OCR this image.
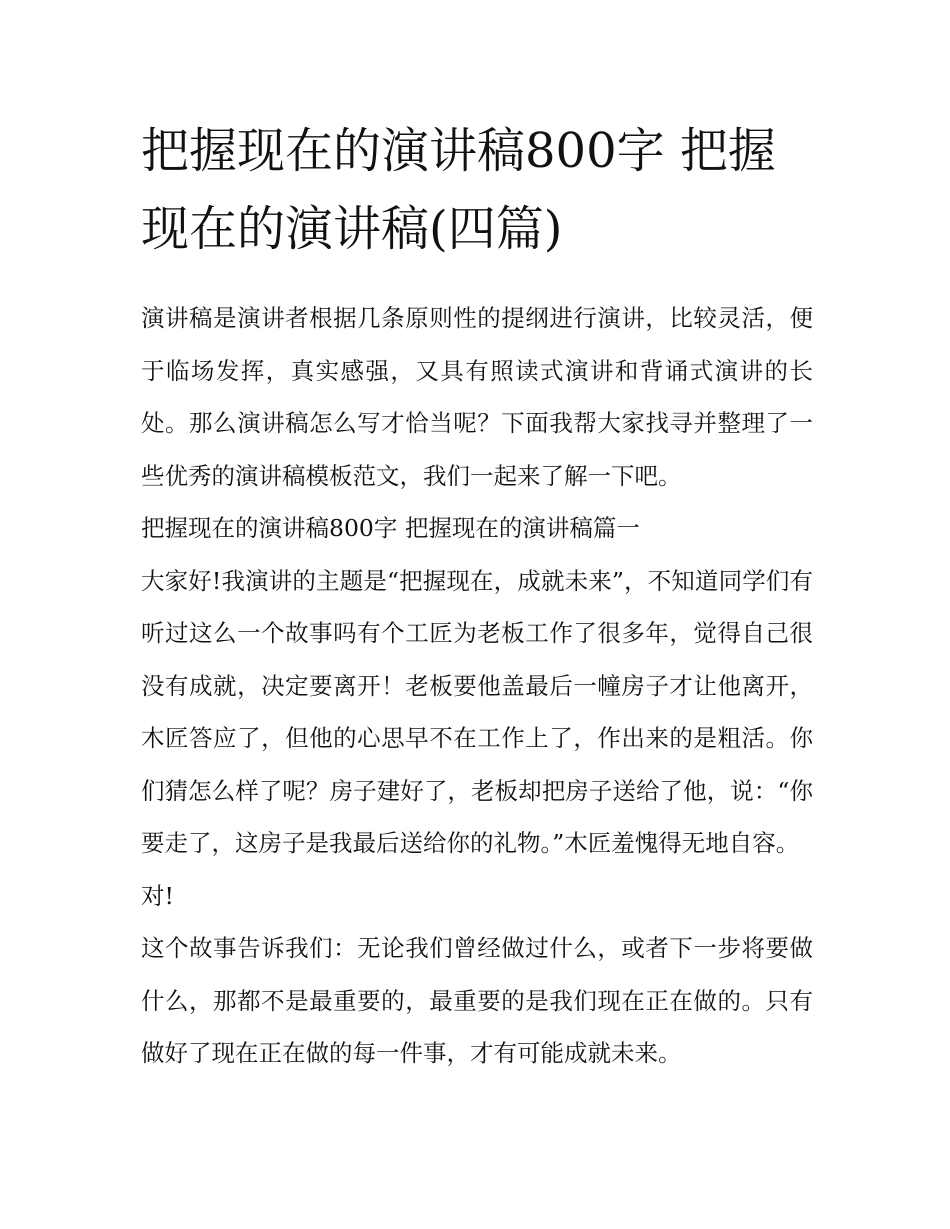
把握现在的演讲稿800字 把握现在的演讲稿(四篇)

演讲稿是演讲者根据几条原则性的提纲进行演讲，比较灵活，便于临场发挥，真实感强，又具有照读式演讲和背诵式演讲的长处。那么演讲稿怎么写才恰当呢？下面我帮大家找寻并整理了一些优秀的演讲稿模板范文，我们一起来了解一下吧。

把握现在的演讲稿800字 把握现在的演讲稿篇一

大家好!我演讲的主题是“把握现在，成就未来”，不知道同学们有听过这么一个故事吗有个工匠为老板工作了很多年，觉得自己很没有成就，决定要离开！老板要他盖最后一幢房子才让他离开，木匠答应了，但他的心思早不在工作上了，作出来的是粗活。你们猜怎么样了呢？房子建好了，老板却把房子送给了他，说：“你要走了，这房子是我最后送给你的礼物。”木匠羞愧得无地自容。

对!

这个故事告诉我们：无论我们曾经做过什么，或者下一步将要做什么，那都不是最重要的，最重要的是我们现在正在做的。只有做好了现在正在做的每一件事，才有可能成就未来。
